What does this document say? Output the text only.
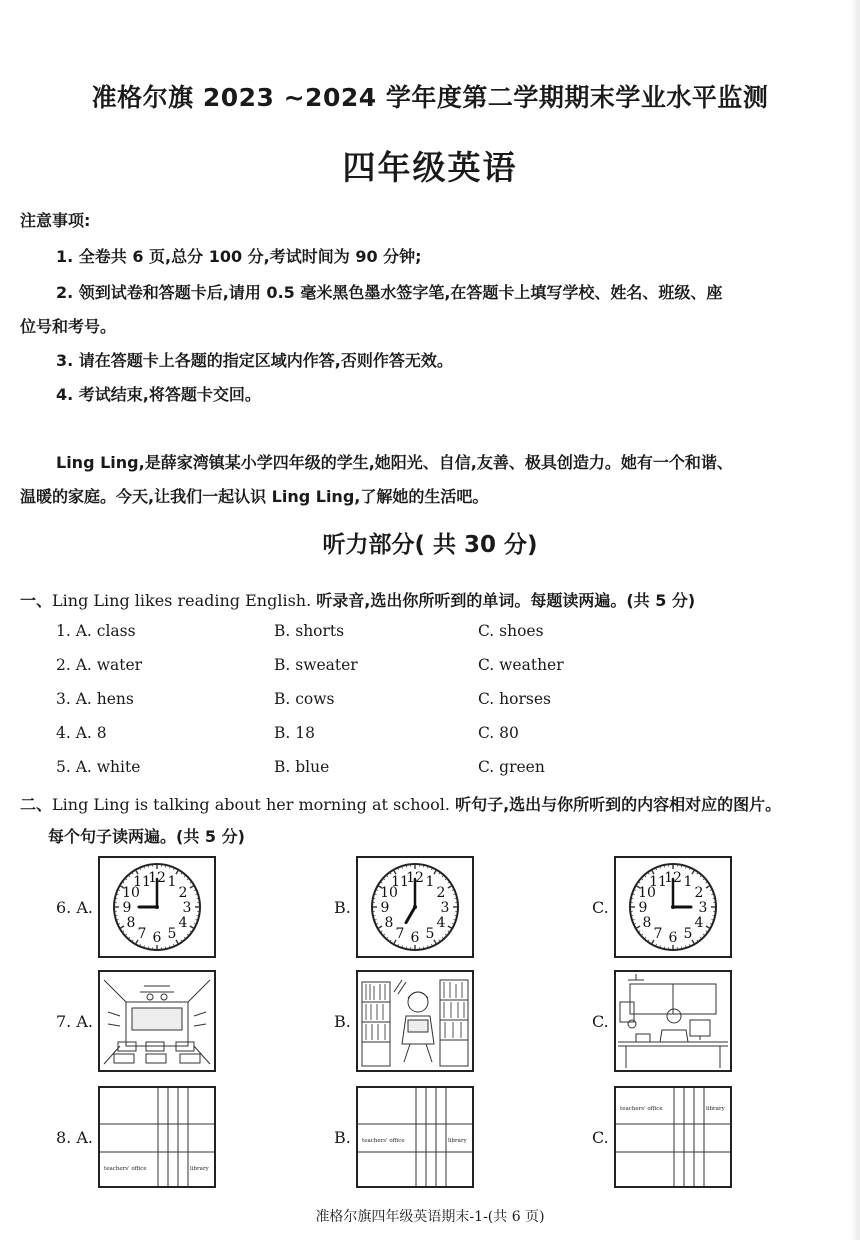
准格尔旗 2023 ~2024 学年度第二学期期末学业水平监测
四年级英语
注意事项:
1. 全卷共 6 页,总分 100 分,考试时间为 90 分钟;
2. 领到试卷和答题卡后,请用 0.5 毫米黑色墨水签字笔,在答题卡上填写学校、姓名、班级、座
位号和考号。
3. 请在答题卡上各题的指定区域内作答,否则作答无效。
4. 考试结束,将答题卡交回。
Ling Ling,是薛家湾镇某小学四年级的学生,她阳光、自信,友善、极具创造力。她有一个和谐、
温暖的家庭。今天,让我们一起认识 Ling Ling,了解她的生活吧。
听力部分( 共 30 分)
一、Ling Ling likes reading English. 听录音,选出你所听到的单词。每题读两遍。(共 5 分)
1. A. class	B. shorts	C. shoes
2. A. water	B. sweater	C. weather
3. A. hens	B. cows	C. horses
4. A. 8	B. 18	C. 80
5. A. white	B. blue	C. green
二、Ling Ling is talking about her morning at school. 听句子,选出与你所听到的内容相对应的图片。
每个句子读两遍。(共 5 分)
6. A.	B.	C.
12 1
2
3
4
5
6
7
8
9
10
11	12 1
2
3
4
5
6
7
8
9
10
11	12 1
2
3
4
5
6
7
8
9
10
11
7. A.	B.	C.
8. A.	B.	C.
teachers' office	library
teachers' office	library
teachers' office	library
准格尔旗四年级英语期末-1-(共 6 页)
